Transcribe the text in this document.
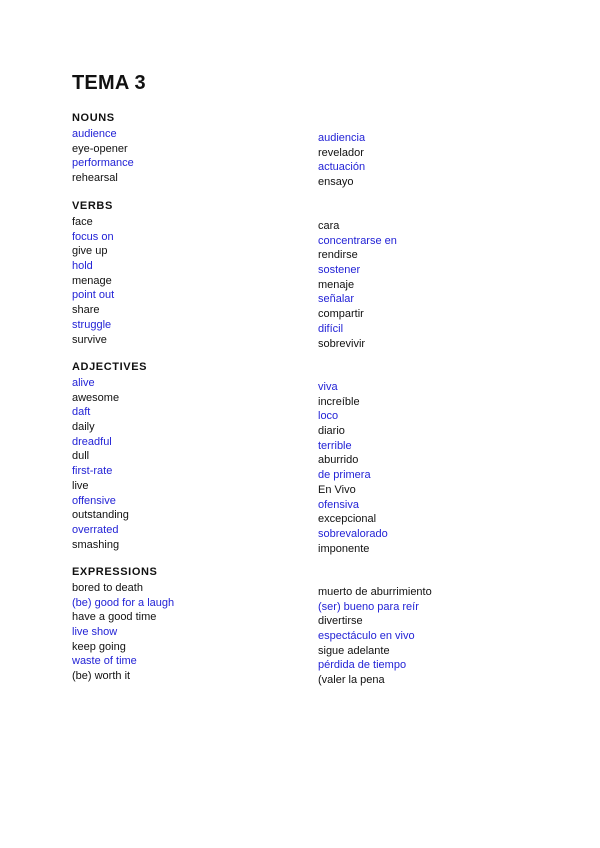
TEMA 3
NOUNS
audience
eye-opener
performance
rehearsal
audiencia
revelador
actuación
ensayo
VERBS
face
focus on
give up
hold
menage
point out
share
struggle
survive
cara
concentrarse en
rendirse
sostener
menaje
señalar
compartir
difícil
sobrevivir
ADJECTIVES
alive
awesome
daft
daily
dreadful
dull
first-rate
live
offensive
outstanding
overrated
smashing
viva
increíble
loco
diario
terrible
aburrido
de primera
En Vivo
ofensiva
excepcional
sobrevalorado
imponente
EXPRESSIONS
bored to death
(be) good for a laugh
have a good time
live show
keep going
waste of time
(be) worth it
muerto de aburrimiento
(ser) bueno para reír
divertirse
espectáculo en vivo
sigue adelante
pérdida de tiempo
(valer la pena
